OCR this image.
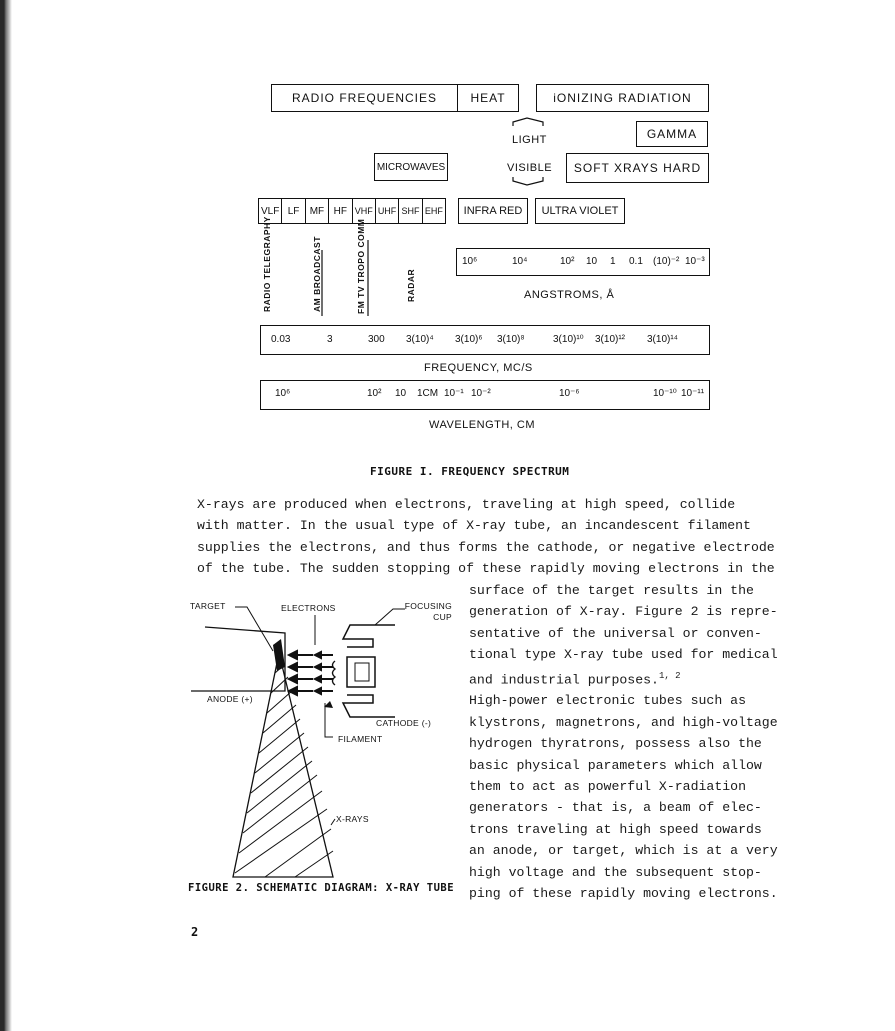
RADIO FREQUENCIES	HEAT	iONIZING RADIATION
LIGHT
VISIBLE
GAMMA
MICROWAVES	SOFT XRAYS HARD
VLF LF	MF HF VHF UHF SHF EHF	INFRA RED	ULTRA VIOLET
RADIO TELEGRAPHY	AM BROADCAST	FM TV TROPO COMM	RADAR
10⁶	10⁴	10² 10 1 0.1 (10)⁻² 10⁻³
ANGSTROMS, Å
0.03	3	300 3(10)⁴ 3(10)⁶ 3(10)⁸	3(10)¹⁰ 3(10)¹² 3(10)¹⁴
FREQUENCY, MC/S
10⁶	10² 10 1CM 10⁻¹ 10⁻²	10⁻⁶	10⁻¹⁰ 10⁻¹¹
WAVELENGTH, CM
FIGURE I. FREQUENCY SPECTRUM
X-rays are produced when electrons, traveling at high speed, collide
with matter. In the usual type of X-ray tube, an incandescent filament
supplies the electrons, and thus forms the cathode, or negative electrode
of the tube. The sudden stopping of these rapidly moving electrons in the
surface of the target results in the
generation of X-ray. Figure 2 is repre-
sentative of the universal or conven-
tional type X-ray tube used for medical
and industrial purposes.$^{1, 2}$
High-power electronic tubes such as
klystrons, magnetrons, and high-voltage
hydrogen thyratrons, possess also the
basic physical parameters which allow
them to act as powerful X-radiation
generators - that is, a beam of elec-
trons traveling at high speed towards
an anode, or target, which is at a very
high voltage and the subsequent stop-
ping of these rapidly moving electrons.
TARGET	ELECTRONS	FOCUSING CUP
ANODE (+)
CATHODE (-)
FILAMENT
X-RAYS
FIGURE 2. SCHEMATIC DIAGRAM: X-RAY TUBE
2
